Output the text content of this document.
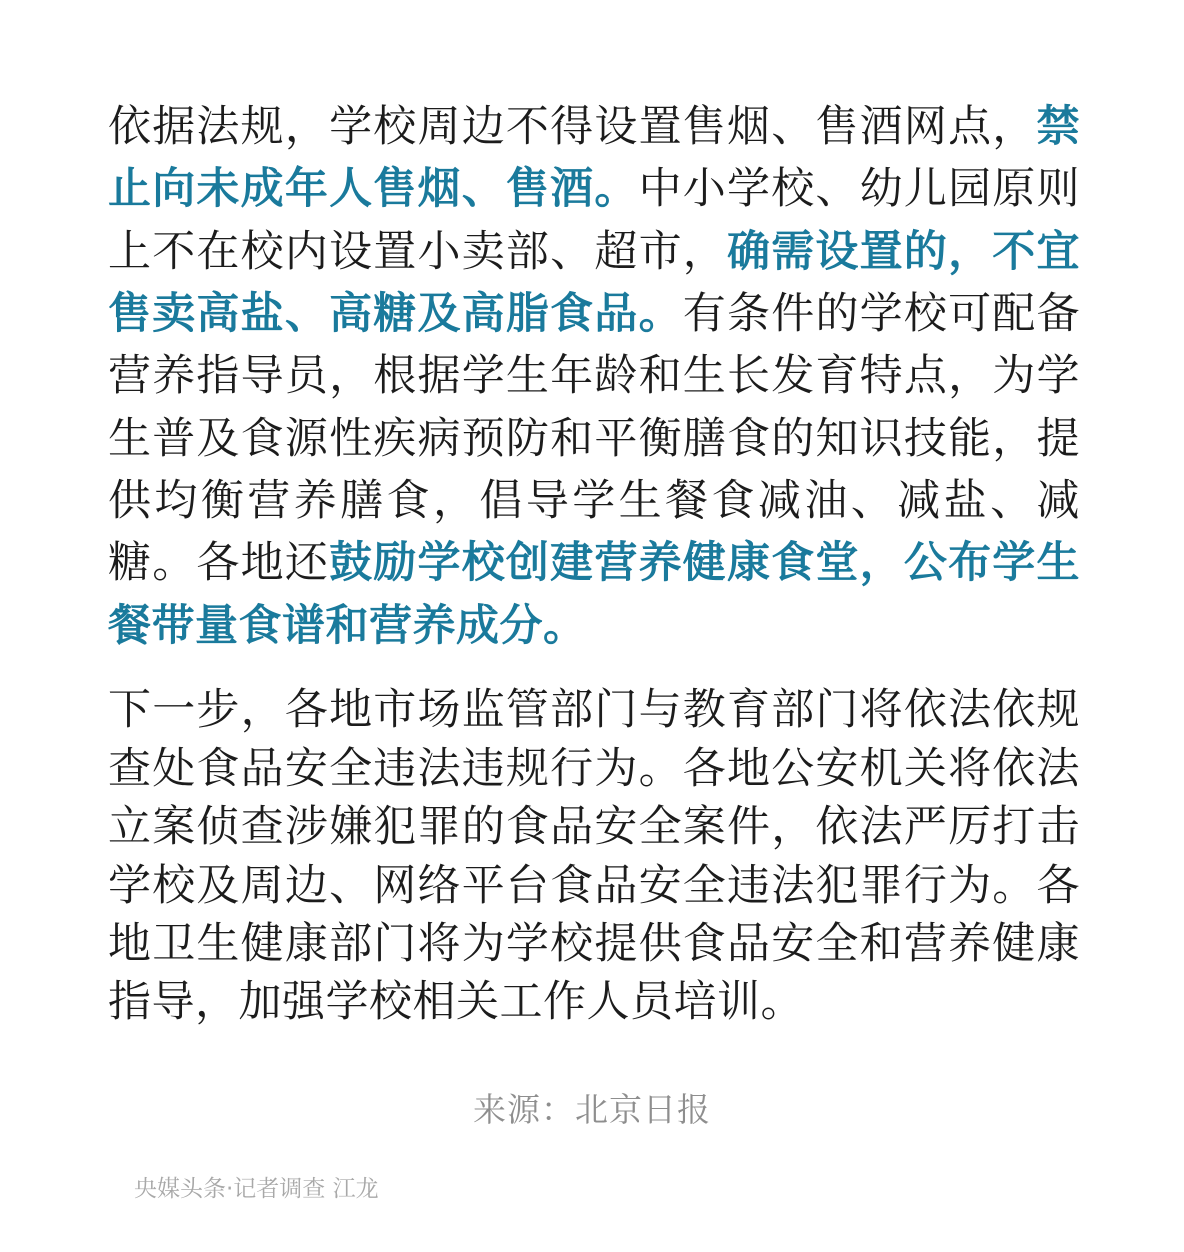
依据法规，学校周边不得设置售烟、售酒网点，禁止向未成年人售烟、售酒。中小学校、幼儿园原则上不在校内设置小卖部、超市，确需设置的，不宜售卖高盐、高糖及高脂食品。有条件的学校可配备营养指导员，根据学生年龄和生长发育特点，为学生普及食源性疾病预防和平衡膳食的知识技能，提供均衡营养膳食，倡导学生餐食减油、减盐、减糖。各地还鼓励学校创建营养健康食堂，公布学生餐带量食谱和营养成分。

下一步，各地市场监管部门与教育部门将依法依规查处食品安全违法违规行为。各地公安机关将依法立案侦查涉嫌犯罪的食品安全案件，依法严厉打击学校及周边、网络平台食品安全违法犯罪行为。各地卫生健康部门将为学校提供食品安全和营养健康指导，加强学校相关工作人员培训。

来源：北京日报
央媒头条·记者调查 江龙
